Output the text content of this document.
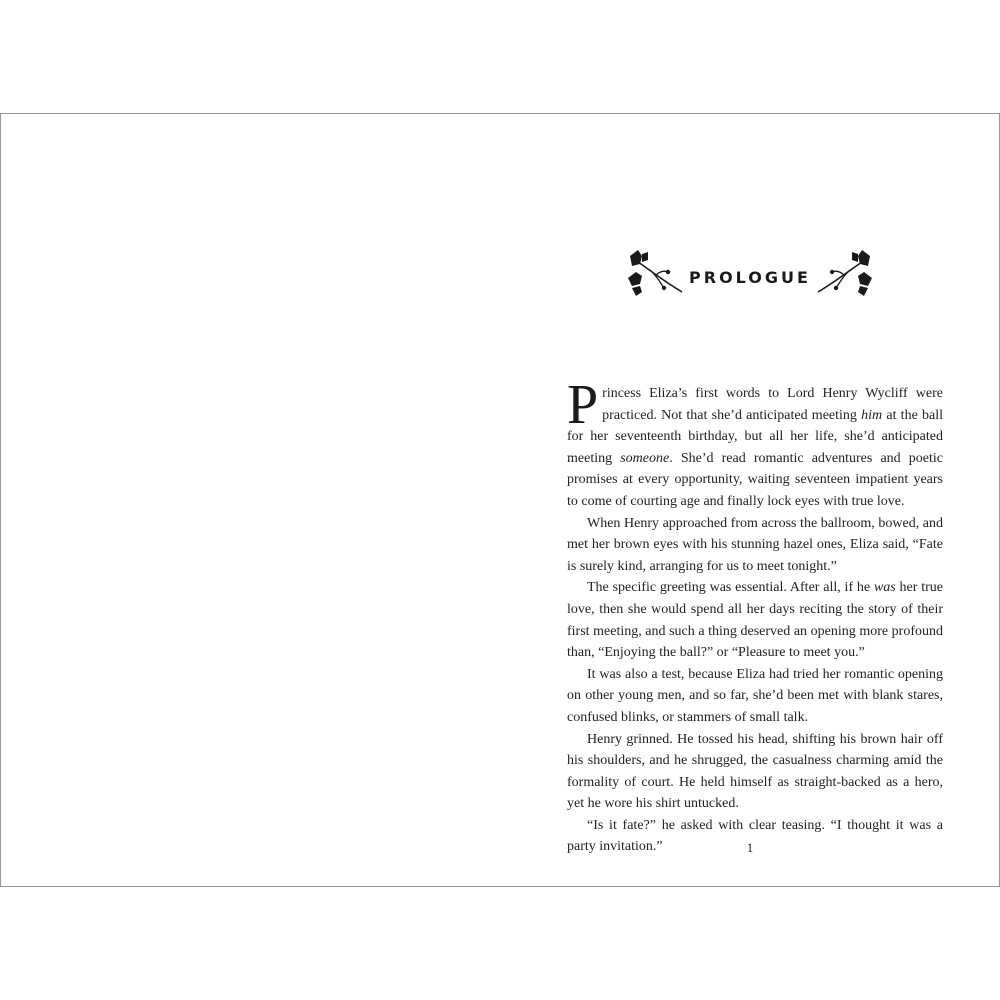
PROLOGUE

Princess Eliza’s first words to Lord Henry Wycliff were practiced. Not that she’d anticipated meeting him at the ball for her seventeenth birthday, but all her life, she’d anticipated meeting someone. She’d read romantic adventures and poetic promises at every opportunity, waiting seventeen impatient years to come of courting age and finally lock eyes with true love.

When Henry approached from across the ballroom, bowed, and met her brown eyes with his stunning hazel ones, Eliza said, “Fate is surely kind, arranging for us to meet tonight.”

The specific greeting was essential. After all, if he was her true love, then she would spend all her days reciting the story of their first meeting, and such a thing deserved an opening more profound than, “Enjoying the ball?” or “Pleasure to meet you.”

It was also a test, because Eliza had tried her romantic opening on other young men, and so far, she’d been met with blank stares, confused blinks, or stammers of small talk.

Henry grinned. He tossed his head, shifting his brown hair off his shoulders, and he shrugged, the casualness charming amid the formality of court. He held himself as straight-backed as a hero, yet he wore his shirt untucked.

“Is it fate?” he asked with clear teasing. “I thought it was a party invitation.”	1
